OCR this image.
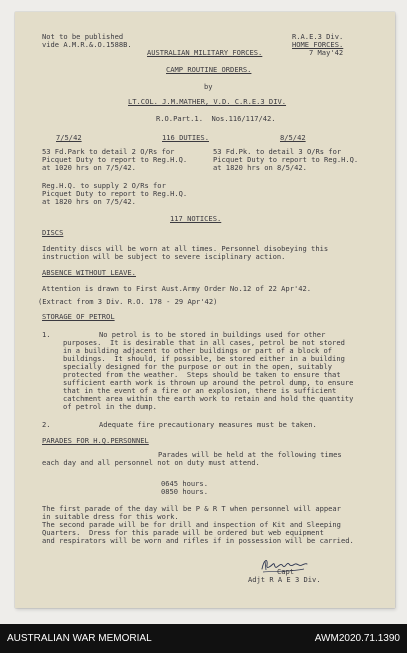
Not to be published
vide A.M.R.&.O.1588B.
R.A.E.3 Div.
HOME FORCES.
7 May'42
AUSTRALIAN MILITARY FORCES.
CAMP ROUTINE ORDERS.
by
LT.COL. J.M.MATHER, V.D. C.R.E.3 DIV.
R.O.Part.1.  Nos.116/117/42.
7/5/42	116 DUTIES.	8/5/42
53 Fd.Park to detail 2 O/Rs for
Picquet Duty to report to Reg.H.Q.
at 1020 hrs on 7/5/42.
53 Fd.Pk. to detail 3 O/Rs for
Picquet Duty to report to Reg.H.Q.
at 1820 hrs on 8/5/42.
Reg.H.Q. to supply 2 O/Rs for
Picquet Duty to report to Reg.H.Q.
at 1820 hrs on 7/5/42.
117 NOTICES.
DISCS
Identity discs will be worn at all times. Personnel disobeying this
instruction will be subject to severe isciplinary action.
ABSENCE WITHOUT LEAVE.
Attention is drawn to First Aust.Army Order No.12 of 22 Apr'42.
(Extract from 3 Div. R.O. 178 - 29 Apr'42)
STORAGE OF PETROL
1.	No petrol is to be stored in buildings used for other
purposes.  It is desirable that in all cases, petrol be not stored
in a building adjacent to other buildings or part of a block of
buildings.  It should, if possible, be stored either in a building
specially designed for the purpose or out in the open, suitably
protected from the weather.  Steps should be taken to ensure that
sufficient earth work is thrown up around the petrol dump, to ensure
that in the event of a fire or an explosion, there is sufficient
catchment area within the earth work to retain and hold the quantity
of petrol in the dump.
2.	Adequate fire precautionary measures must be taken.
PARADES FOR H.Q.PERSONNEL
Parades will be held at the following times
each day and all personnel not on duty must attend.
0645 hours.
0850 hours.
The first parade of the day will be P & R T when personnel will appear
in suitable dress for this work.
The second parade will be for drill and inspection of Kit and Sleeping
Quarters.  Dress for this parade will be ordered but web equipment
and respirators will be worn and rifles if in possession will be carried.
Capt
Adjt R A E 3 Div.
AUSTRALIAN WAR MEMORIAL	AWM2020.71.1390
